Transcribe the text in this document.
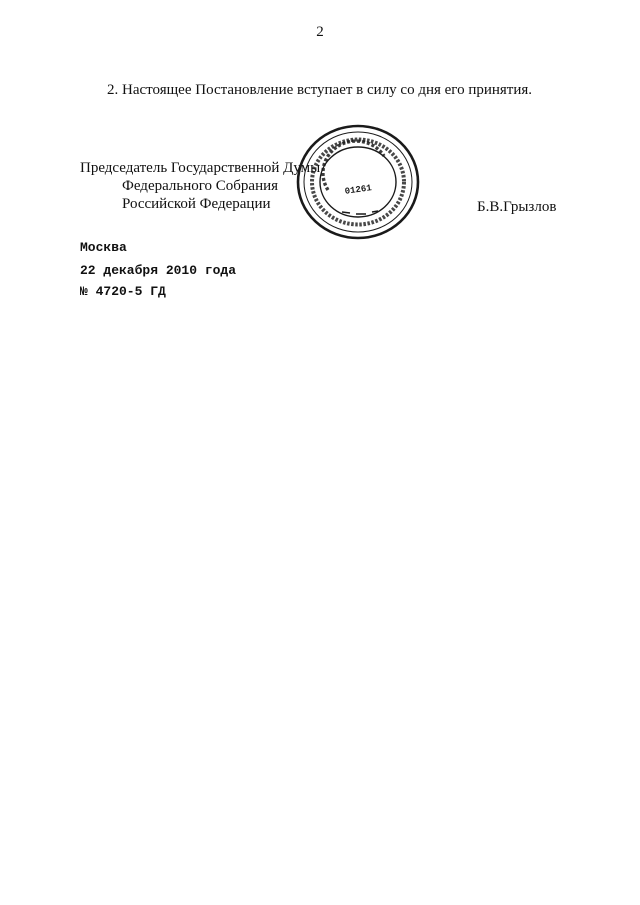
2
2. Настоящее Постановление вступает в силу со дня его принятия.
Председатель Государственной Думы
Федерального Собрания
Российской Федерации	Б.В.Грызлов
01261
Москва
22 декабря 2010 года
№ 4720-5 ГД
